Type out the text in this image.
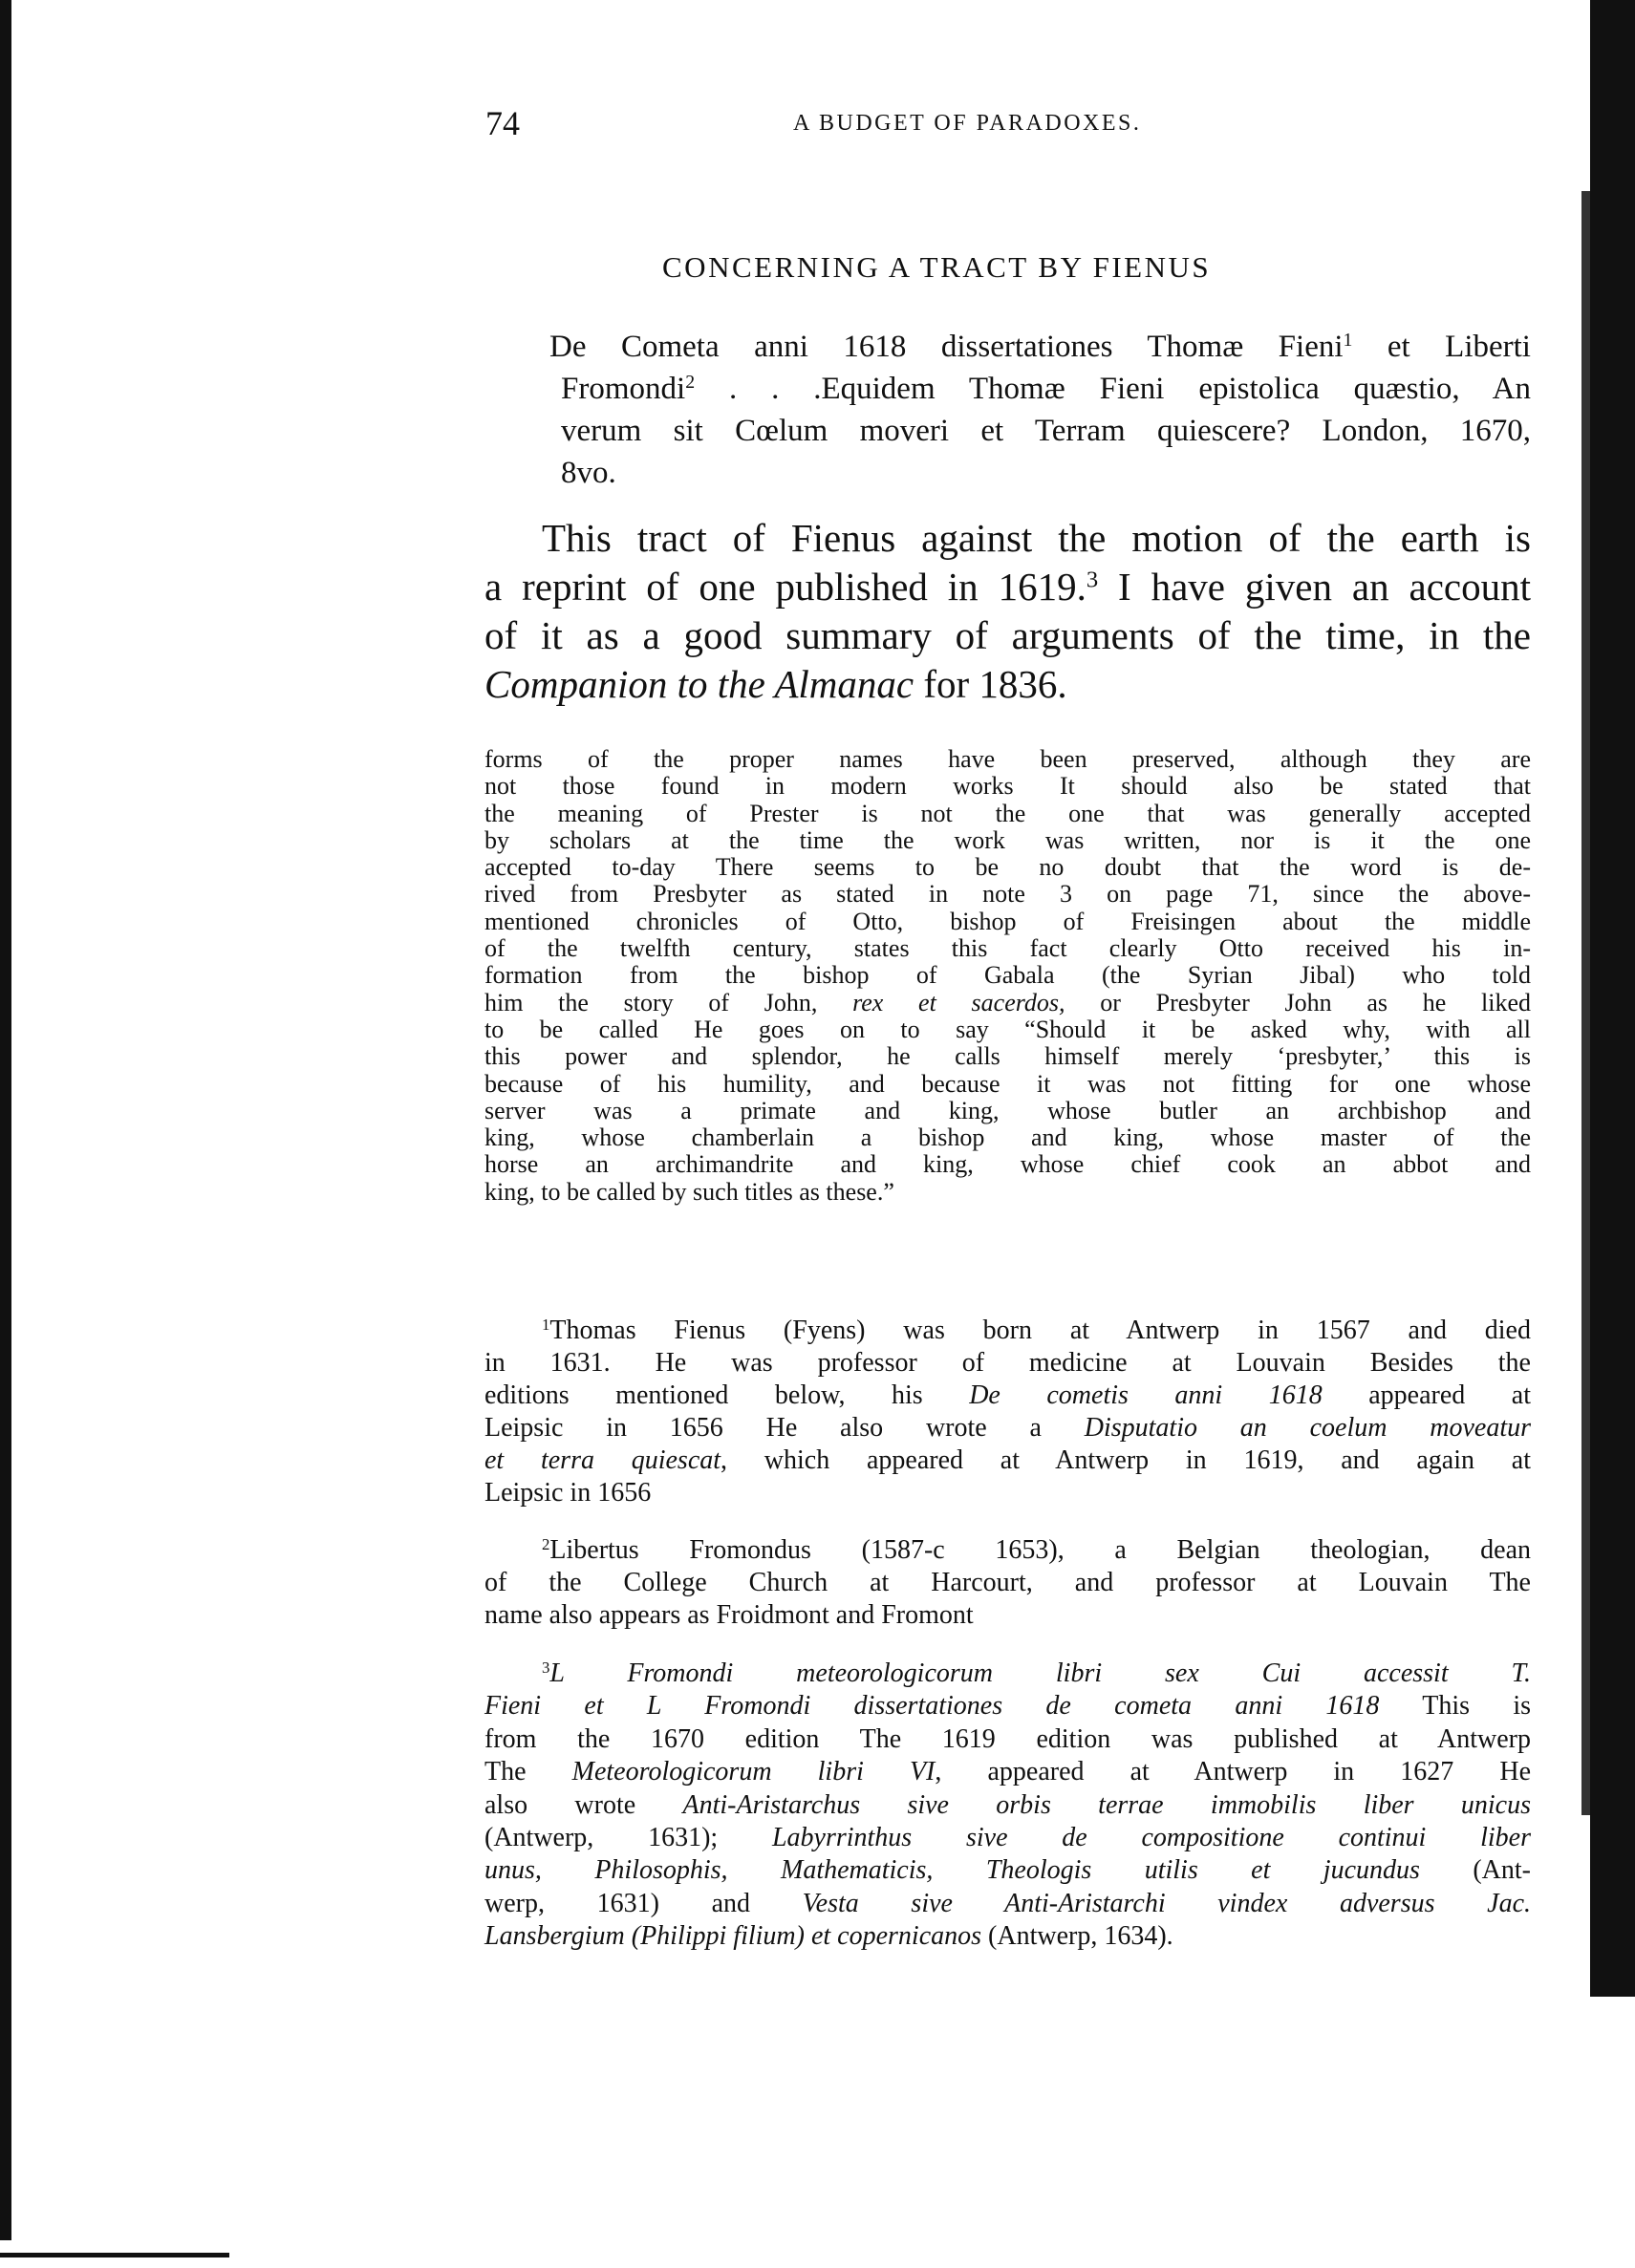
74	A BUDGET OF PARADOXES.
CONCERNING A TRACT BY FIENUS
De Cometa anni 1618 dissertationes Thomæ Fieni$^1$ et Liberti
Fromondi$^2$ . . .Equidem Thomæ Fieni epistolica quæstio, An
verum sit Cœlum moveri et Terram quiescere? London, 1670,
8vo.
This tract of Fienus against the motion of the earth is
a reprint of one published in 1619.$^3$ I have given an account
of it as a good summary of arguments of the time, in the
Companion to the Almanac for 1836.
forms of the proper names have been preserved, although they are
not those found in modern works It should also be stated that
the meaning of Prester is not the one that was generally accepted
by scholars at the time the work was written, nor is it the one
accepted to-day There seems to be no doubt that the word is de-
rived from Presbyter as stated in note 3 on page 71, since the above-
mentioned chronicles of Otto, bishop of Freisingen about the middle
of the twelfth century, states this fact clearly Otto received his in-
formation from the bishop of Gabala (the Syrian Jibal) who told
him the story of John, rex et sacerdos, or Presbyter John as he liked
to be called He goes on to say “Should it be asked why, with all
this power and splendor, he calls himself merely ‘presbyter,’ this is
because of his humility, and because it was not fitting for one whose
server was a primate and king, whose butler an archbishop and
king, whose chamberlain a bishop and king, whose master of the
horse an archimandrite and king, whose chief cook an abbot and
king, to be called by such titles as these.”
$^1$Thomas Fienus (Fyens) was born at Antwerp in 1567 and died
in 1631. He was professor of medicine at Louvain Besides the
editions mentioned below, his De cometis anni 1618 appeared at
Leipsic in 1656 He also wrote a Disputatio an coelum moveatur
et terra quiescat, which appeared at Antwerp in 1619, and again at
Leipsic in 1656
$^2$Libertus Fromondus (1587-c 1653), a Belgian theologian, dean
of the College Church at Harcourt, and professor at Louvain The
name also appears as Froidmont and Fromont
$^3$L Fromondi meteorologicorum libri sex Cui accessit T.
Fieni et L Fromondi dissertationes de cometa anni 1618 This is
from the 1670 edition The 1619 edition was published at Antwerp
The Meteorologicorum libri VI, appeared at Antwerp in 1627 He
also wrote Anti-Aristarchus sive orbis terrae immobilis liber unicus
(Antwerp, 1631); Labyrrinthus sive de compositione continui liber
unus, Philosophis, Mathematicis, Theologis utilis et jucundus (Ant-
werp, 1631) and Vesta sive Anti-Aristarchi vindex adversus Jac.
Lansbergium (Philippi filium) et copernicanos (Antwerp, 1634).
